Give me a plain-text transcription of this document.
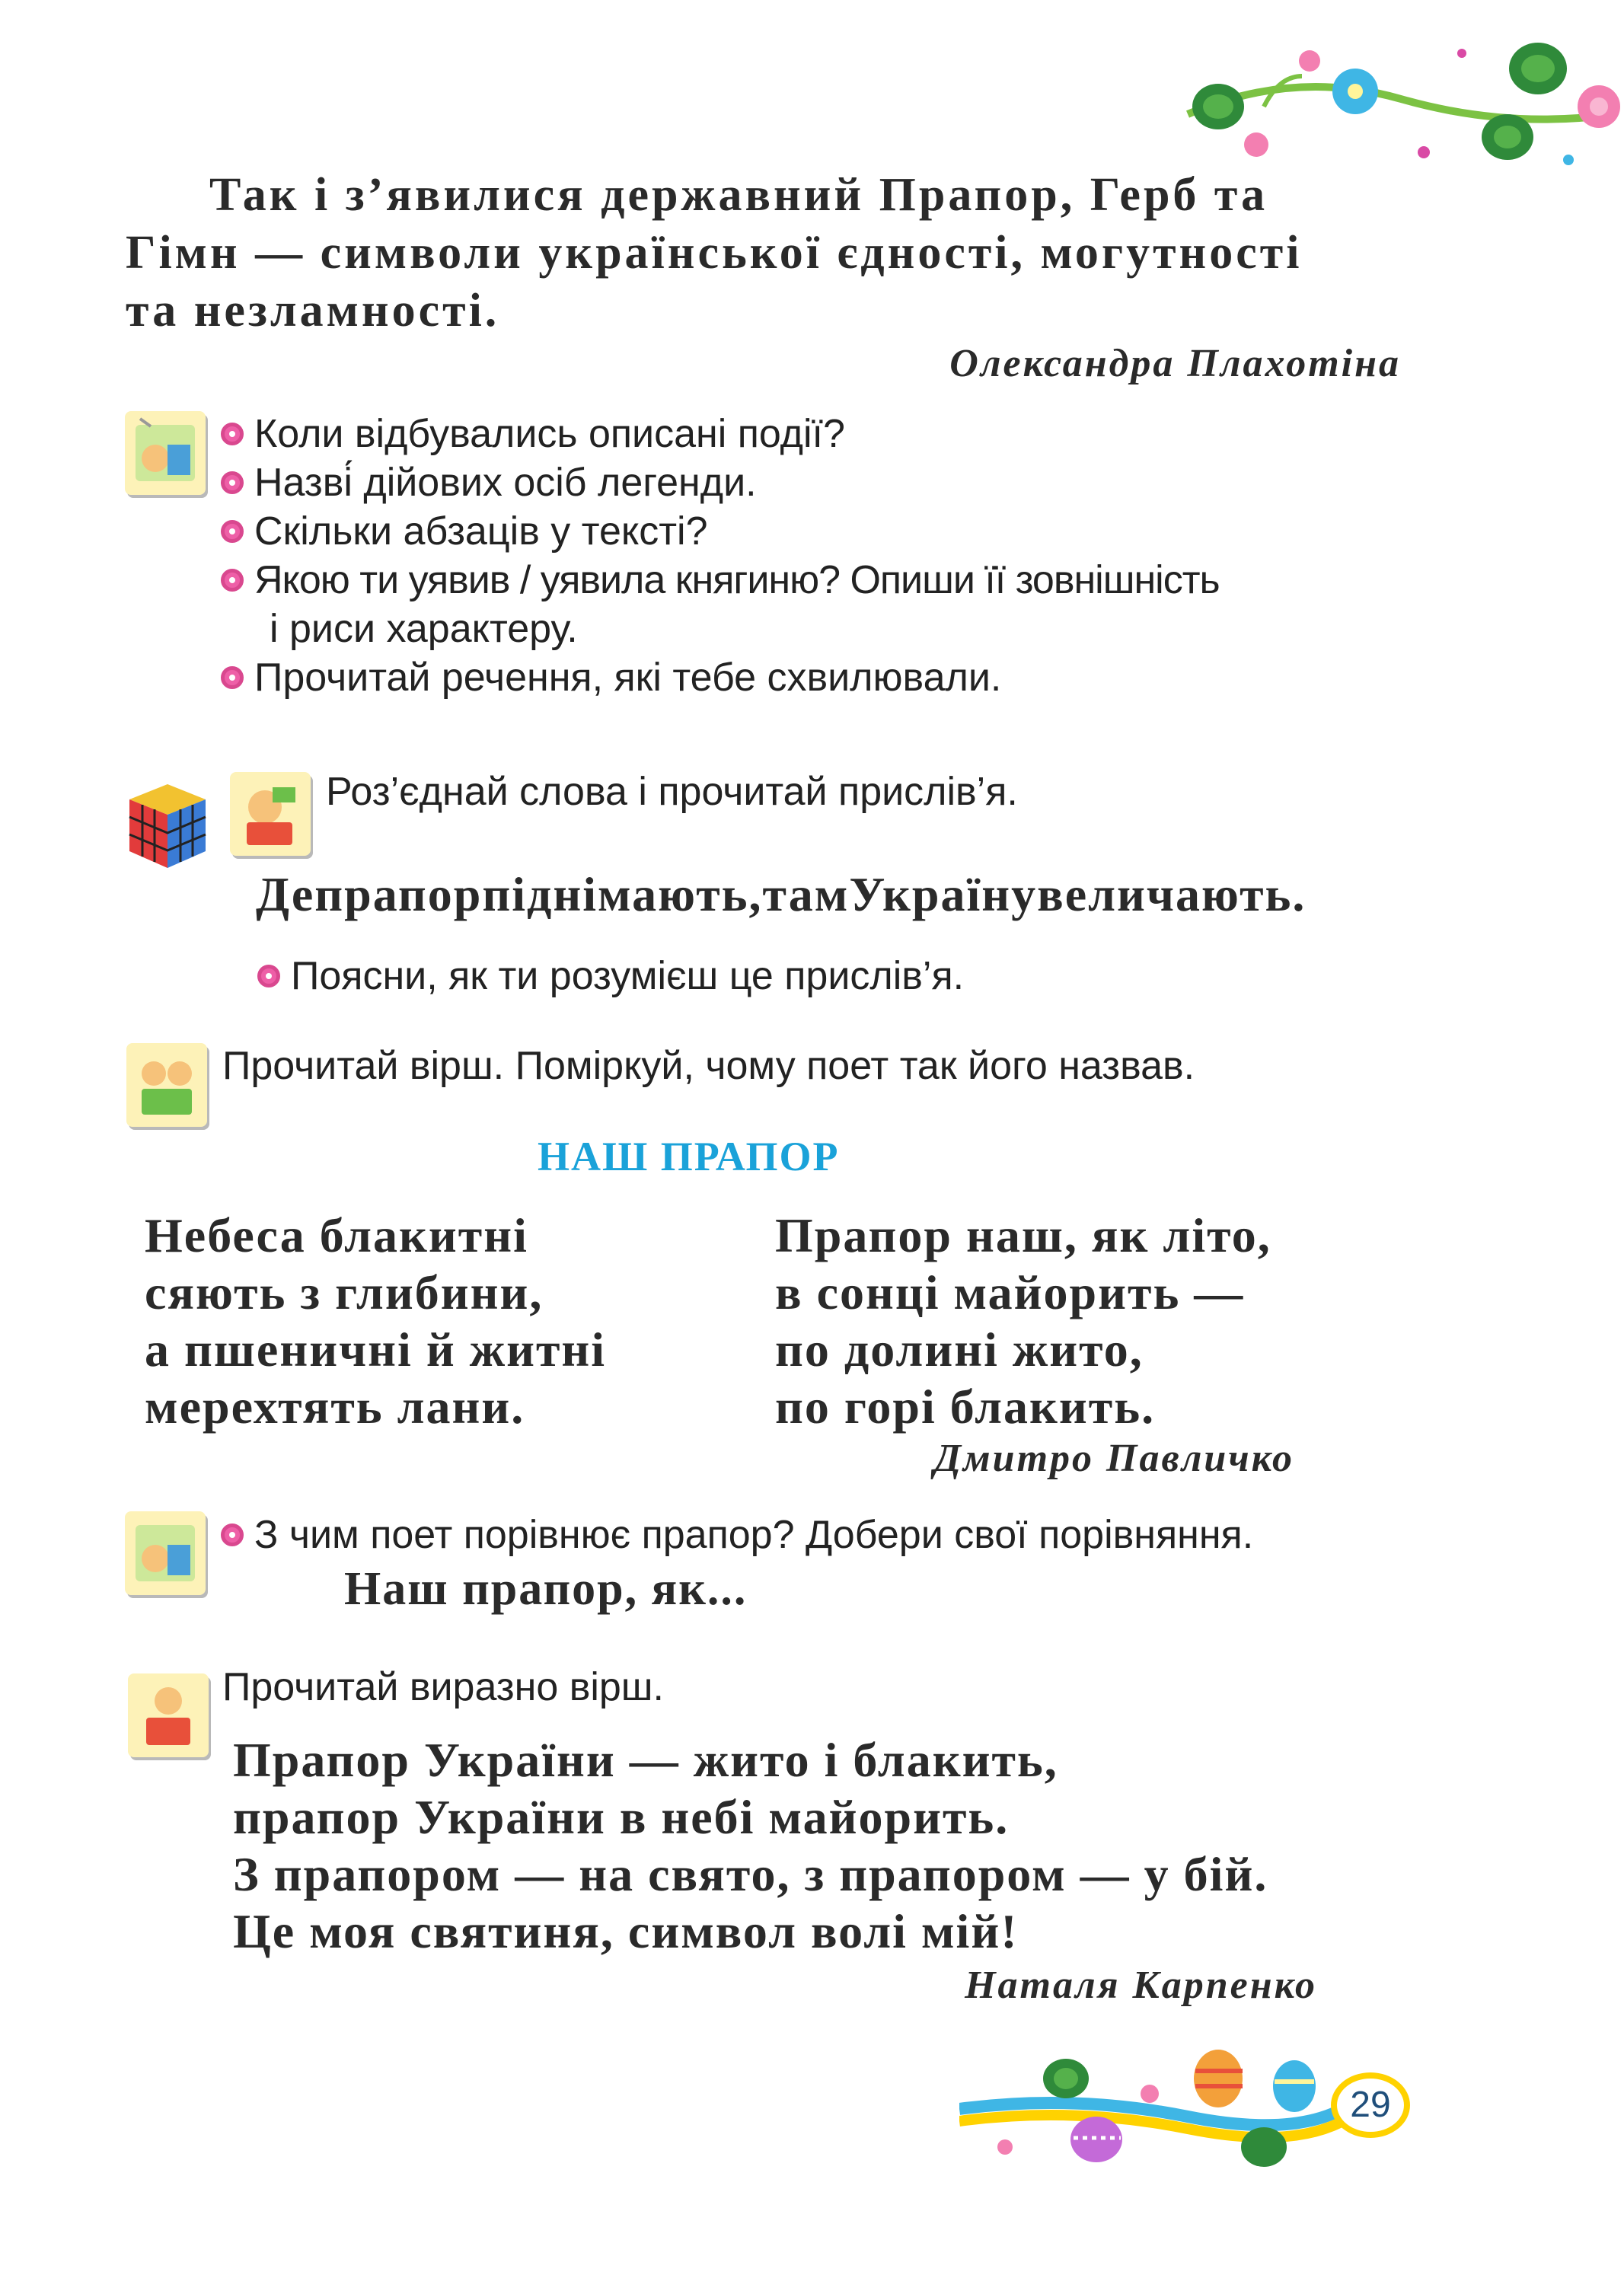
Так і з’явилися державний Прапор, Герб та
Гімн — символи української єдності, могутності
та незламності.
Олександра Плахотіна
Коли відбувались описані події?
Назві́ дійових осіб легенди.
Скільки абзаців у тексті?
Якою ти уявив / уявила княгиню? Опиши її зовнішність
і риси характеру.
Прочитай речення, які тебе схвилювали.
Роз’єднай слова і прочитай прислів’я.
Депрапорпіднімають,тамУкраїнувеличають.
Поясни, як ти розумієш це прислів’я.
Прочитай вірш. Поміркуй, чому поет так його назвав.
НАШ ПРАПОР
Небеса блакитні
сяють з глибини,
а пшеничні й житні
мерехтять лани.
Прапор наш, як літо,
в сонці майорить —
по долині жито,
по горі блакить.
Дмитро Павличко
З чим поет порівнює прапор? Добери свої порівняння.
Наш прапор, як...
Прочитай виразно вірш.
Прапор України — жито і блакить,
прапор України в небі майорить.
З прапором — на свято, з прапором — у бій.
Це моя святиня, символ волі мій!
Наталя Карпенко
29
